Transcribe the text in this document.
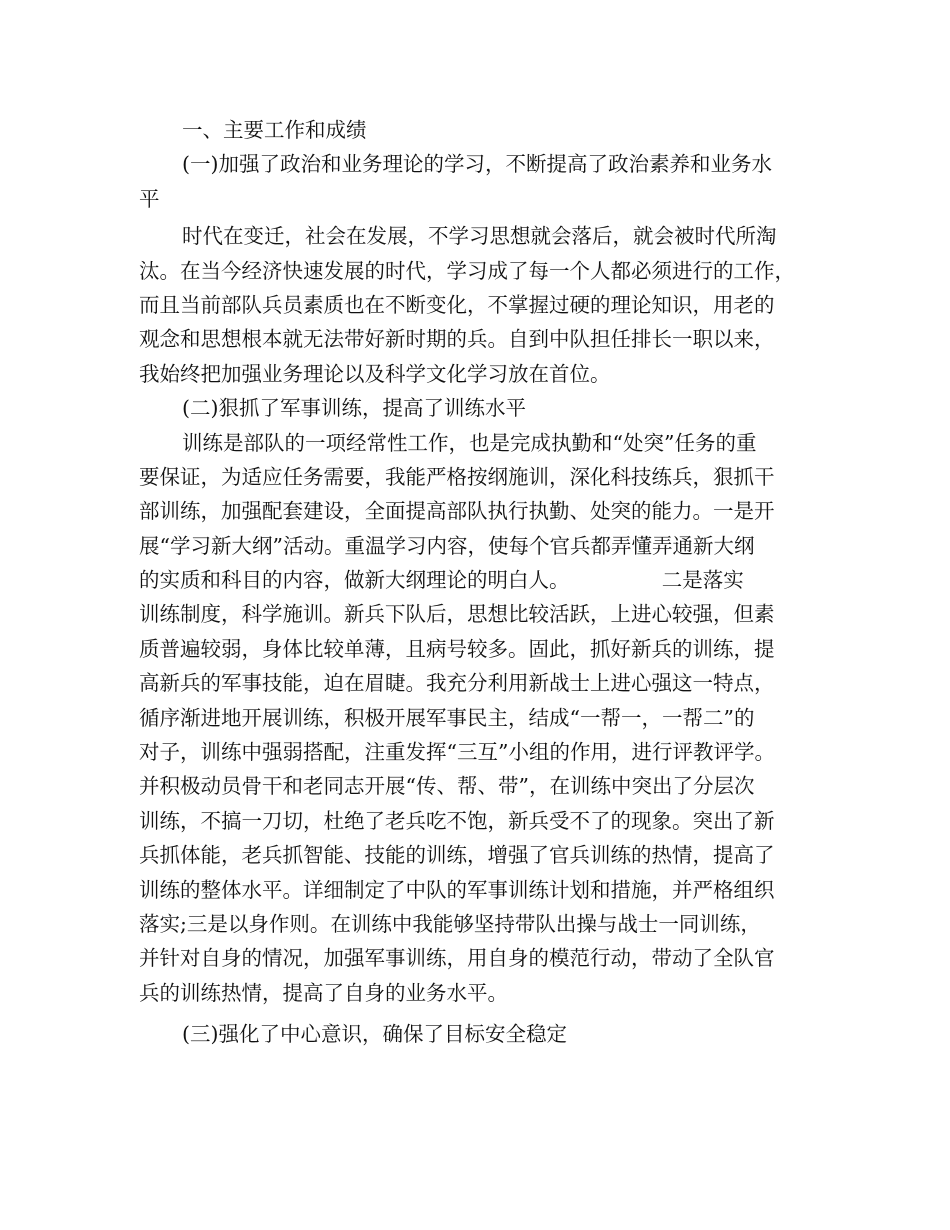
一、主要工作和成绩
(一)加强了政治和业务理论的学习，不断提高了政治素养和业务水
平
时代在变迁，社会在发展，不学习思想就会落后，就会被时代所淘
汰。在当今经济快速发展的时代，学习成了每一个人都必须进行的工作，
而且当前部队兵员素质也在不断变化，不掌握过硬的理论知识，用老的
观念和思想根本就无法带好新时期的兵。自到中队担任排长一职以来，
我始终把加强业务理论以及科学文化学习放在首位。
(二)狠抓了军事训练，提高了训练水平
训练是部队的一项经常性工作，也是完成执勤和“处突”任务的重
要保证，为适应任务需要，我能严格按纲施训，深化科技练兵，狠抓干
部训练，加强配套建设，全面提高部队执行执勤、处突的能力。一是开
展“学习新大纲”活动。重温学习内容，使每个官兵都弄懂弄通新大纲
的实质和科目的内容，做新大纲理论的明白人。　　　　　二是落实
训练制度，科学施训。新兵下队后，思想比较活跃，上进心较强，但素
质普遍较弱，身体比较单薄，且病号较多。固此，抓好新兵的训练，提
高新兵的军事技能，迫在眉睫。我充分利用新战士上进心强这一特点，
循序渐进地开展训练，积极开展军事民主，结成“一帮一，一帮二”的
对子，训练中强弱搭配，注重发挥“三互”小组的作用，进行评教评学。
并积极动员骨干和老同志开展“传、帮、带”，在训练中突出了分层次
训练，不搞一刀切，杜绝了老兵吃不饱，新兵受不了的现象。突出了新
兵抓体能，老兵抓智能、技能的训练，增强了官兵训练的热情，提高了
训练的整体水平。详细制定了中队的军事训练计划和措施，并严格组织
落实;三是以身作则。在训练中我能够坚持带队出操与战士一同训练，
并针对自身的情况，加强军事训练，用自身的模范行动，带动了全队官
兵的训练热情，提高了自身的业务水平。
(三)强化了中心意识，确保了目标安全稳定
